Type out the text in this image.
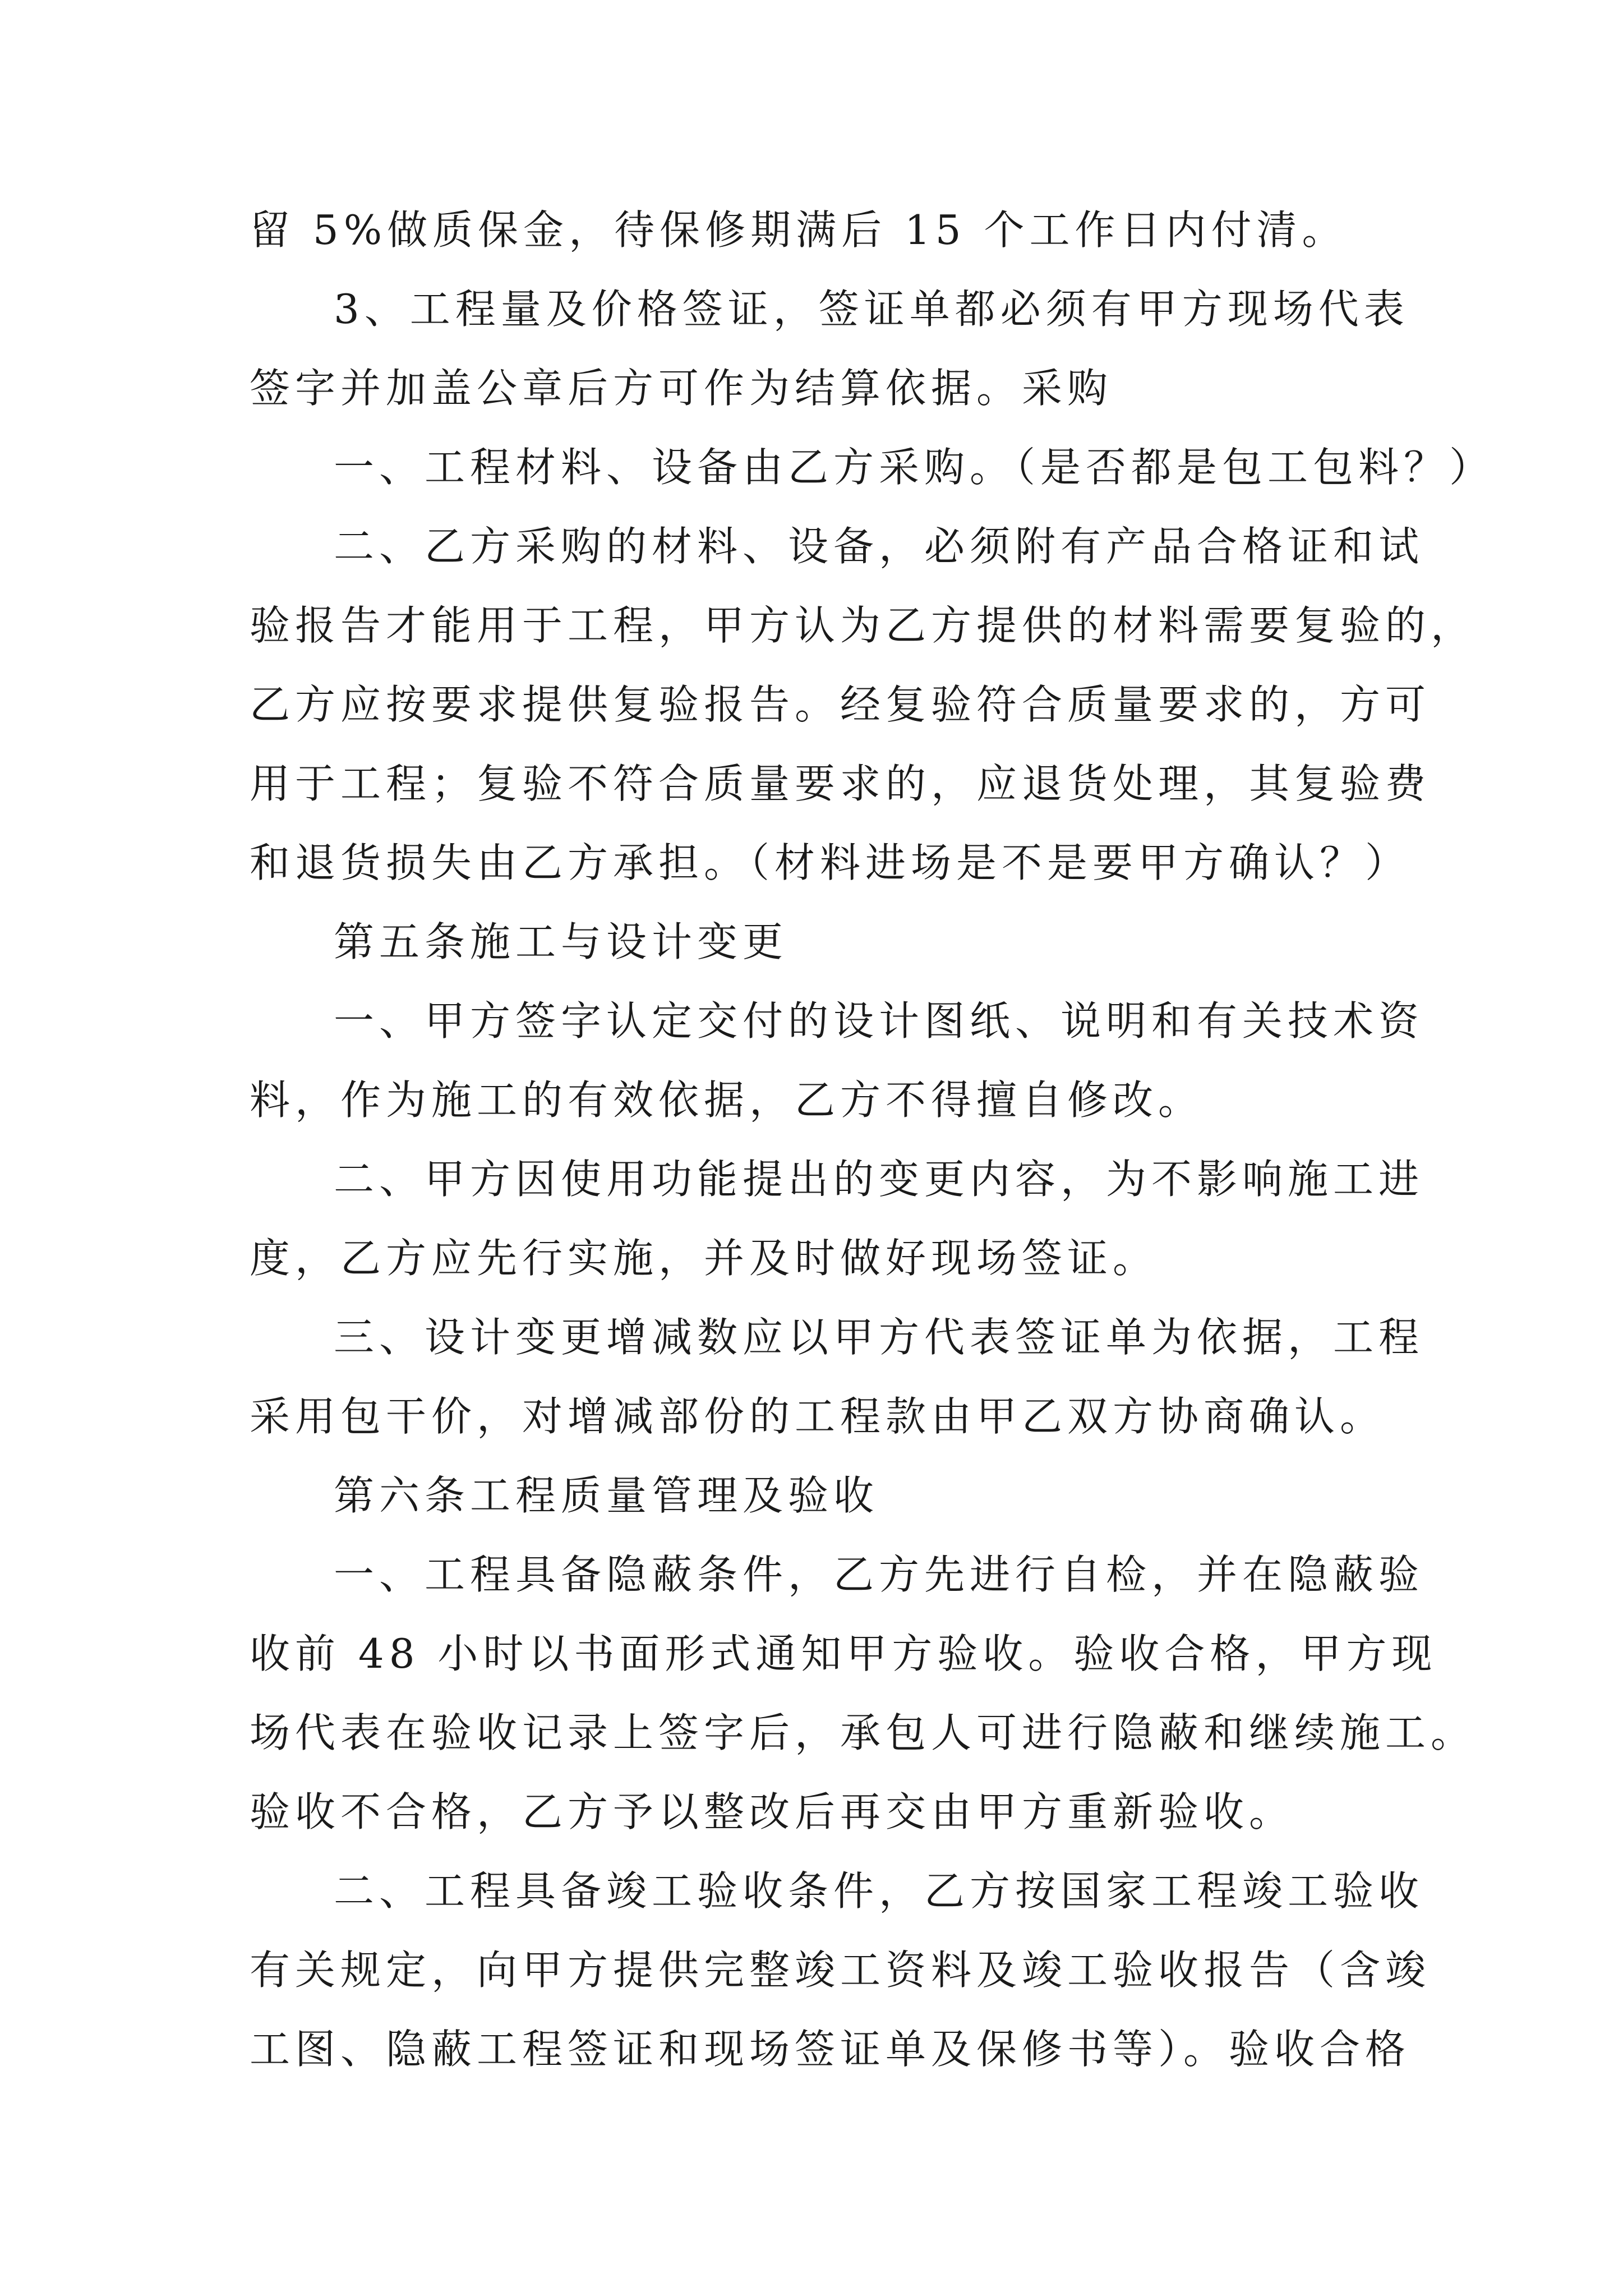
留 5%做质保金，待保修期满后 15 个工作日内付清。
3、工程量及价格签证，签证单都必须有甲方现场代表
签字并加盖公章后方可作为结算依据。采购
一、工程材料、设备由乙方采购。（是否都是包工包料？）
二、乙方采购的材料、设备，必须附有产品合格证和试
验报告才能用于工程，甲方认为乙方提供的材料需要复验的，
乙方应按要求提供复验报告。经复验符合质量要求的，方可
用于工程；复验不符合质量要求的，应退货处理，其复验费
和退货损失由乙方承担。（材料进场是不是要甲方确认？）
第五条施工与设计变更
一、甲方签字认定交付的设计图纸、说明和有关技术资
料，作为施工的有效依据，乙方不得擅自修改。
二、甲方因使用功能提出的变更内容，为不影响施工进
度，乙方应先行实施，并及时做好现场签证。
三、设计变更增减数应以甲方代表签证单为依据，工程
采用包干价，对增减部份的工程款由甲乙双方协商确认。
第六条工程质量管理及验收
一、工程具备隐蔽条件，乙方先进行自检，并在隐蔽验
收前 48 小时以书面形式通知甲方验收。验收合格，甲方现
场代表在验收记录上签字后，承包人可进行隐蔽和继续施工。
验收不合格，乙方予以整改后再交由甲方重新验收。
二、工程具备竣工验收条件，乙方按国家工程竣工验收
有关规定，向甲方提供完整竣工资料及竣工验收报告（含竣
工图、隐蔽工程签证和现场签证单及保修书等）。验收合格
